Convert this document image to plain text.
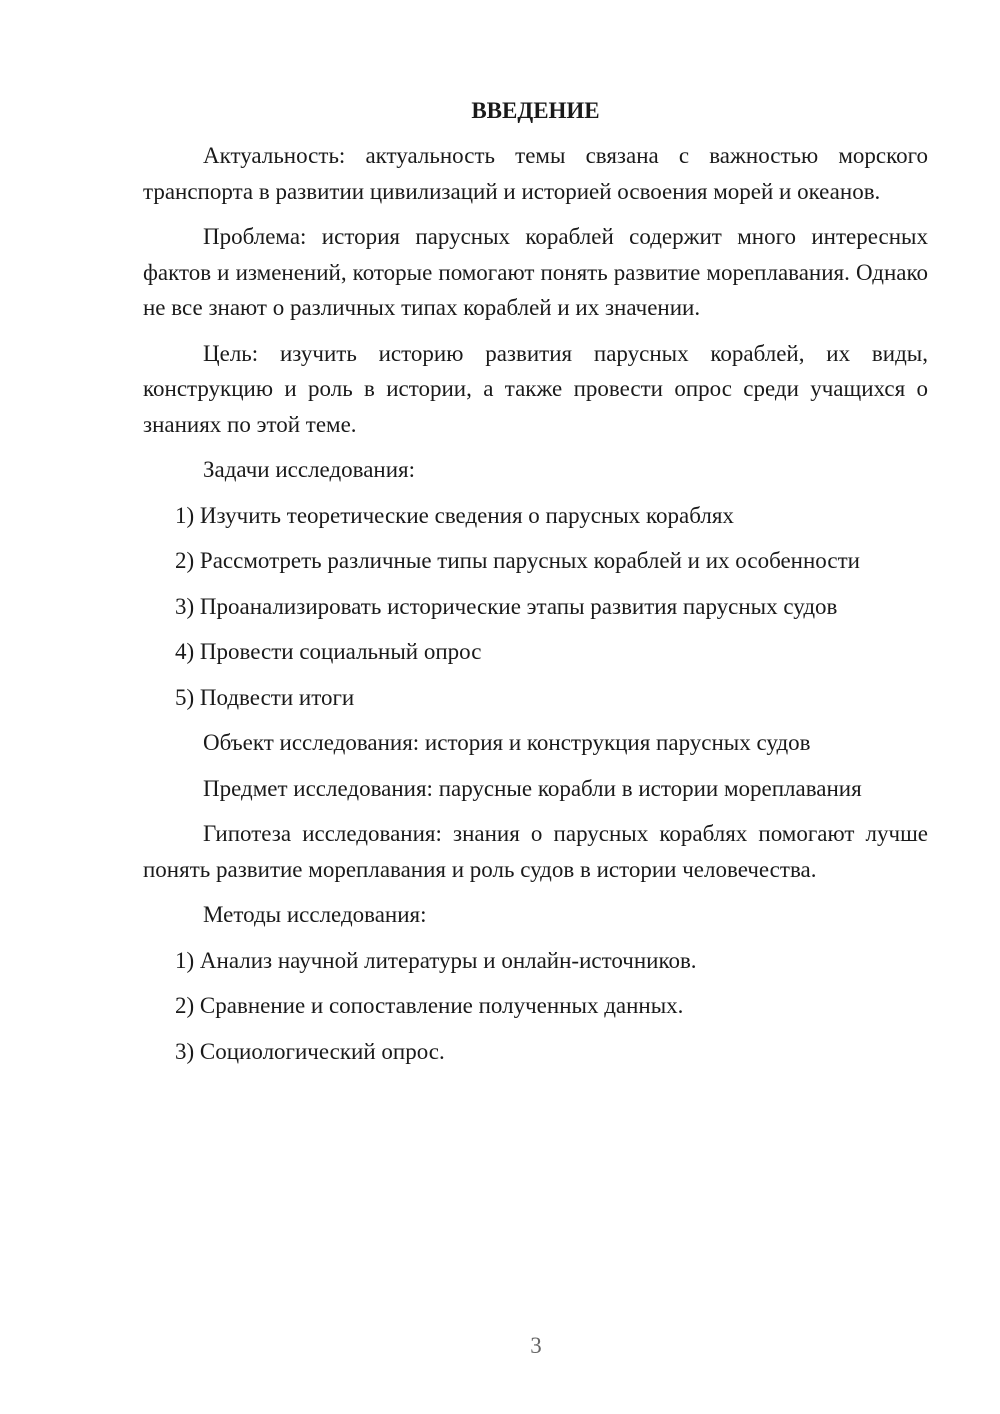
ВВЕДЕНИЕ

Актуальность: актуальность темы связана с важностью морского транспорта в развитии цивилизаций и историей освоения морей и океанов.

Проблема: история парусных кораблей содержит много интересных фактов и изменений, которые помогают понять развитие мореплавания. Однако не все знают о различных типах кораблей и их значении.

Цель: изучить историю развития парусных кораблей, их виды, конструкцию и роль в истории, а также провести опрос среди учащихся о знаниях по этой теме.

Задачи исследования:

1) Изучить теоретические сведения о парусных кораблях

2) Рассмотреть различные типы парусных кораблей и их особенности

3) Проанализировать исторические этапы развития парусных судов

4) Провести социальный опрос

5) Подвести итоги

Объект исследования: история и конструкция парусных судов

Предмет исследования: парусные корабли в истории мореплавания

Гипотеза исследования: знания о парусных кораблях помогают лучше понять развитие мореплавания и роль судов в истории человечества.

Методы исследования:

1) Анализ научной литературы и онлайн-источников.

2) Сравнение и сопоставление полученных данных.

3) Социологический опрос.

3
